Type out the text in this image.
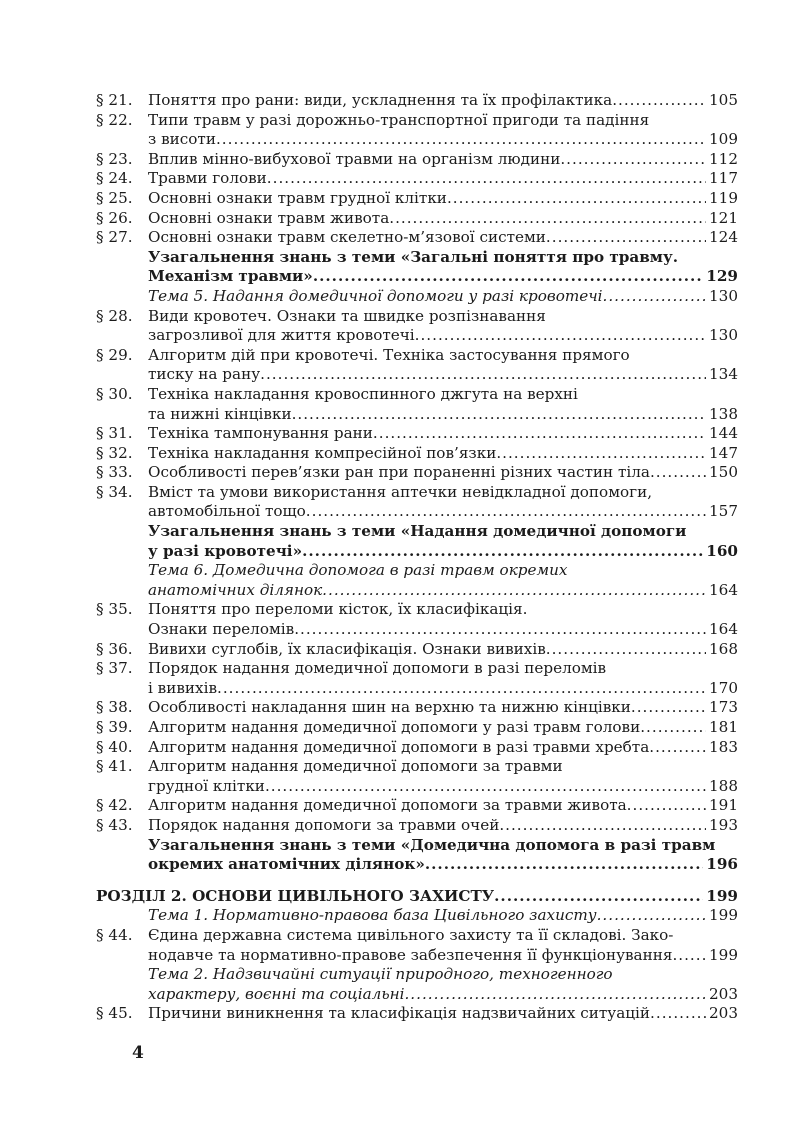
§ 21.	Поняття про рани: види, ускладнення та їх профілактика .....	105
§ 22.	Типи травм у разі дорожньо-транспортної пригоди та падіння
з висоти .....	109
§ 23.	Вплив мінно-вибухової травми на організм людини .....	112
§ 24.	Травми голови .....	117
§ 25.	Основні ознаки травм грудної клітки .....	119
§ 26.	Основні ознаки травм живота .....	121
§ 27.	Основні ознаки травм скелетно-м’язової системи .....	124
Узагальнення знань з теми «Загальні поняття про травму.
Механізм травми» .....	129
Тема 5. Надання домедичної допомоги у разі кровотечі .....	130
§ 28.	Види кровотеч. Ознаки та швидке розпізнавання
загрозливої для життя кровотечі .....	130
§ 29.	Алгоритм дій при кровотечі. Техніка застосування прямого
тиску на рану .....	134
§ 30.	Техніка накладання кровоспинного джгута на верхні
та нижні кінцівки .....	138
§ 31.	Техніка тампонування рани .....	144
§ 32.	Техніка накладання компресійної пов’язки .....	147
§ 33.	Особливості перев’язки ран при пораненні різних частин тіла .....	150
§ 34.	Вміст та умови використання аптечки невідкладної допомоги,
автомобільної тощо .....	157
Узагальнення знань з теми «Надання домедичної допомоги
у разі кровотечі» .....	160
Тема 6. Домедична допомога в разі травм окремих
анатомічних ділянок .....	164
§ 35.	Поняття про переломи кісток, їх класифікація.
Ознаки переломів .....	164
§ 36.	Вивихи суглобів, їх класифікація. Ознаки вивихів .....	168
§ 37.	Порядок надання домедичної допомоги в разі переломів
і вивихів .....	170
§ 38.	Особливості накладання шин на верхню та нижню кінцівки .....	173
§ 39.	Алгоритм надання домедичної допомоги у разі травм голови .....	181
§ 40.	Алгоритм надання домедичної допомоги в разі травми хребта .....	183
§ 41.	Алгоритм надання домедичної допомоги за травми
грудної клітки .....	188
§ 42.	Алгоритм надання домедичної допомоги за травми живота .....	191
§ 43.	Порядок надання допомоги за травми очей .....	193
Узагальнення знань з теми «Домедична допомога в разі травм
окремих анатомічних ділянок» .....	196
РОЗДІЛ 2. ОСНОВИ ЦИВІЛЬНОГО ЗАХИСТУ .....	199
Тема 1. Нормативно-правова база Цивільного захисту .....	199
§ 44.	Єдина державна система цивільного захисту та її складові. Зако-
нодавче та нормативно-правове забезпечення її функціонування ..... 199
Тема 2. Надзвичайні ситуації природного, техногенного
характеру, воєнні та соціальні .....	203
§ 45.	Причини виникнення та класифікація надзвичайних ситуацій .....	203
4
